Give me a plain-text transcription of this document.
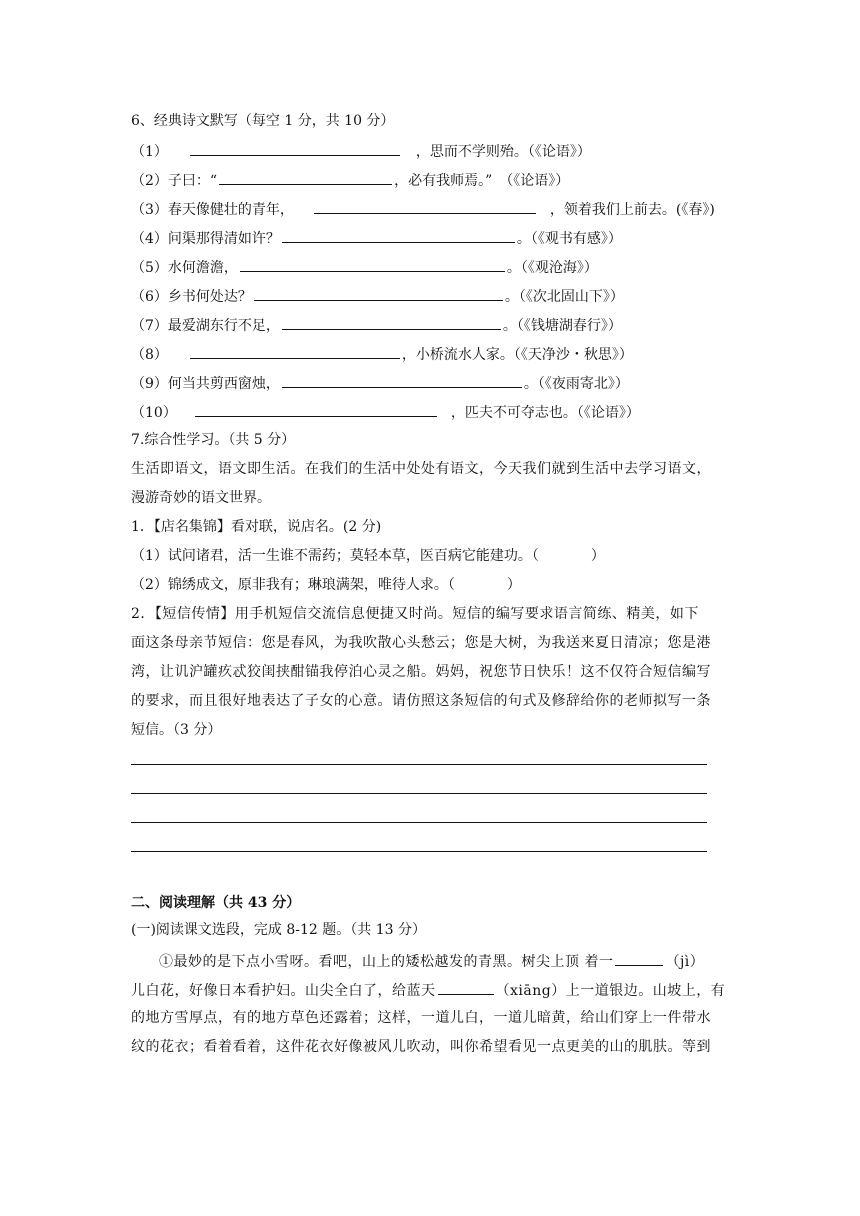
6、经典诗文默写（每空 1 分，共 10 分）
（1）	，思而不学则殆。（《论语》）
（2）子曰：“	，必有我师焉。”　（《论语》）
（3）春天像健壮的青年，	，领着我们上前去。(《春》)
（4）问渠那得清如许？	。（《观书有感》）
（5）水何澹澹，	。（《观沧海》）
（6）乡书何处达？	。（《次北固山下》）
（7）最爱湖东行不足，	。（《钱塘湖春行》）
（8）	，小桥流水人家。（《天净沙・秋思》）
（9）何当共剪西窗烛，	。（《夜雨寄北》）
（10）	，匹夫不可夺志也。（《论语》）
7.综合性学习。（共 5 分）
生活即语文，语文即生活。在我们的生活中处处有语文，今天我们就到生活中去学习语文，
漫游奇妙的语文世界。
1．【店名集锦】看对联，说店名。(2 分)
（1）试问诸君，活一生谁不需药；莫轻本草，医百病它能建功。（	）
（2）锦绣成文，原非我有；琳琅满架，唯待人求。（	）
2．【短信传情】用手机短信交流信息便捷又时尚。短信的编写要求语言简练、精美，如下
面这条母亲节短信：您是春风，为我吹散心头愁云；您是大树，为我送来夏日清凉；您是港
湾，让讥沪罐疚忒狡闺挟酣锚我停泊心灵之船。妈妈，祝您节日快乐！这不仅符合短信编写
的要求，而且很好地表达了子女的心意。请仿照这条短信的句式及修辞给你的老师拟写一条
短信。（3 分）
二、阅读理解（共 43 分）
(一)阅读课文选段，完成 8-12 题。（共 13 分）
①最妙的是下点小雪呀。看吧，山上的矮松越发的青黑。树尖上顶 着一	（jì）
儿白花，好像日本看护妇。山尖全白了，给蓝天	（xiāng）上一道银边。山坡上，有
的地方雪厚点，有的地方草色还露着；这样，一道儿白，一道儿暗黄，给山们穿上一件带水
纹的花衣；看着看着，这件花衣好像被风儿吹动，叫你希望看见一点更美的山的肌肤。等到
